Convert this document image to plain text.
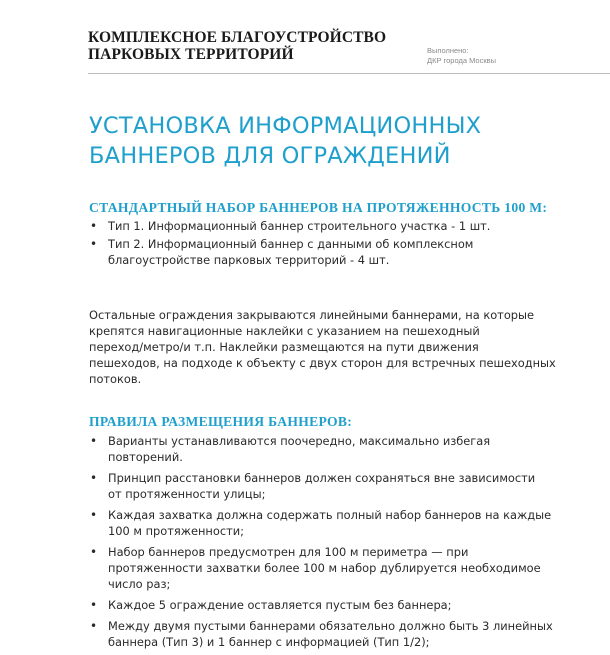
КОМПЛЕКСНОЕ БЛАГОУСТРОЙСТВО
ПАРКОВЫХ ТЕРРИТОРИЙ	Выполнено:
ДКР города Москвы
УСТАНОВКА ИНФОРМАЦИОННЫХ
БАННЕРОВ ДЛЯ ОГРАЖДЕНИЙ
СТАНДАРТНЫЙ НАБОР БАННЕРОВ НА ПРОТЯЖЕННОСТЬ 100 М:
• Тип 1. Информационный баннер строительного участка - 1 шт.
• Тип 2. Информационный баннер с данными об комплексном
благоустройстве парковых территорий - 4 шт.
Остальные ограждения закрываются линейными баннерами, на которые
крепятся навигационные наклейки с указанием на пешеходный
переход/метро/и т.п. Наклейки размещаются на пути движения
пешеходов, на подходе к объекту с двух сторон для встречных пешеходных
потоков.
ПРАВИЛА РАЗМЕЩЕНИЯ БАННЕРОВ:
• Варианты устанавливаются поочередно, максимально избегая
повторений.
• Принцип расстановки баннеров должен сохраняться вне зависимости
от протяженности улицы;
• Каждая захватка должна содержать полный набор баннеров на каждые
100 м протяженности;
• Набор баннеров предусмотрен для 100 м периметра — при
протяженности захватки более 100 м набор дублируется необходимое
число раз;
• Каждое 5 ограждение оставляется пустым без баннера;
• Между двумя пустыми баннерами обязательно должно быть 3 линейных
баннера (Тип 3) и 1 баннер с информацией (Тип 1/2);
